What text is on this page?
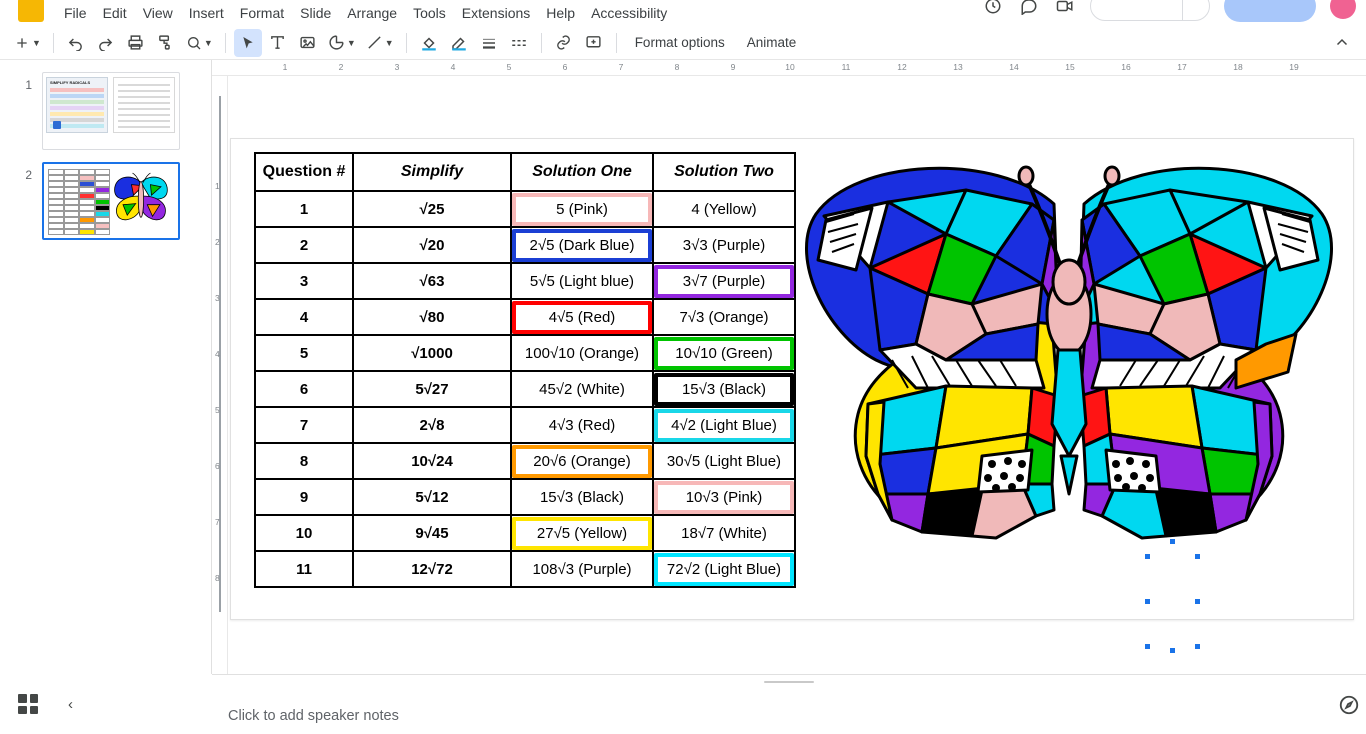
File	Edit	View	Insert	Format	Slide	Arrange	Tools	Extensions	Help	Accessibility
▼	▼	▼	▼	Format options	Animate
1	SIMPLIFY RADICALS
2
1	2	3	4	5	6	7	8	9	10	11	12	13	14	15	16	17	18	19
1
2
3
4
5
6
7
8
Question #	Simplify	Solution One	Solution Two
1	√25	5 (Pink)	4 (Yellow)
2	√20	2√5 (Dark Blue)	3√3 (Purple)
3	√63	5√5 (Light blue)	3√7 (Purple)

4	√80	4√5 (Red)	7√3 (Orange)
5	√1000	100√10 (Orange)	10√10 (Green)

6	5√27	45√2 (White)	15√3 (Black)

7	2√8	4√3 (Red)	4√2 (Light Blue)

8	10√24	20√6 (Orange)	30√5 (Light Blue)
9	5√12	15√3 (Black)	10√3 (Pink)

10	9√45	27√5 (Yellow)	18√7 (White)
11	12√72	108√3 (Purple)	72√2 (Light Blue)
‹
Click to add speaker notes
